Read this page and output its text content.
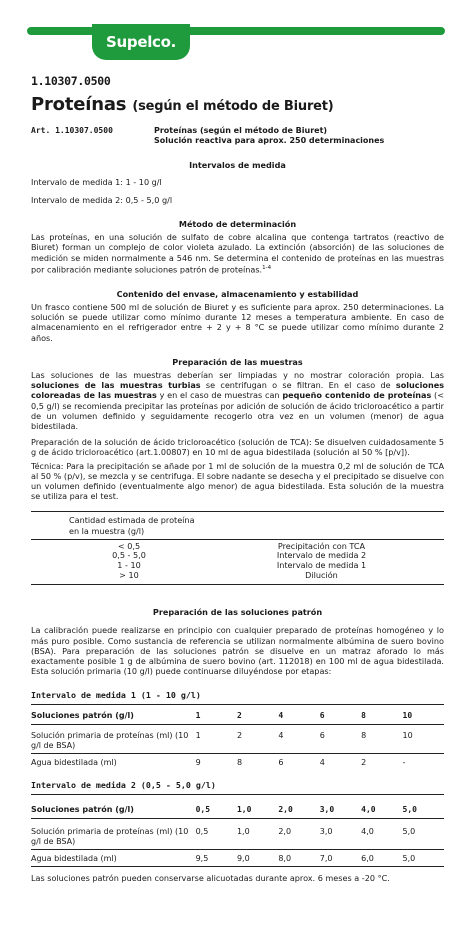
Supelco.
1.10307.0500
Proteínas (según el método de Biuret)
Art. 1.10307.0500	Proteínas (según el método de Biuret)
Solución reactiva para aprox. 250 determinaciones
Intervalos de medida
Intervalo de medida 1: 1 - 10 g/l
Intervalo de medida 2: 0,5 - 5,0 g/l
Método de determinación

Las proteínas, en una solución de sulfato de cobre alcalina que contenga tartratos (reactivo de Biuret) forman un complejo de color violeta azulado. La extinción (absorción) de las soluciones de medición se miden normalmente a 546 nm. Se determina el contenido de proteínas en las muestras por calibración mediante soluciones patrón de proteínas.$^{1-4}$

Contenido del envase, almacenamiento y estabilidad

Un frasco contiene 500 ml de solución de Biuret y es suficiente para aprox. 250 determinaciones. La solución se puede utilizar como mínimo durante 12 meses a temperatura ambiente. En caso de almacenamiento en el refrigerador entre + 2 y + 8 °C se puede utilizar como mínimo durante 2 años.

Preparación de las muestras

Las soluciones de las muestras deberían ser limpiadas y no mostrar coloración propia. Las soluciones de las muestras turbias se centrifugan o se filtran. En el caso de soluciones coloreadas de las muestras y en el caso de muestras can pequeño contenido de proteínas (< 0,5 g/l) se recomienda precipitar las proteínas por adición de solución de ácido tricloroacético a partir de un volumen definido y seguidamente recogerlo otra vez en un volumen (menor) de agua bidestilada.

Preparación de la solución de ácido tricloroacético (solución de TCA): Se disuelven cuidadosamente 5 g de ácido tricloroacético (art.1.00807) en 10 ml de agua bidestilada (solución al 50 % [p/v]).

Técnica: Para la precipitación se añade por 1 ml de solución de la muestra 0,2 ml de solución de TCA al 50 % (p/v), se mezcla y se centrifuga. El sobre nadante se desecha y el precipitado se disuelve con un volumen definido (eventualmente algo menor) de agua bidestilada. Esta solución de la muestra se utiliza para el test.

Cantidad estimada de proteína en la muestra (g/l)
< 0,5	Precipitación con TCA
0,5 - 5,0	Intervalo de medida 2
1 - 10	Intervalo de medida 1
> 10	Dilución
Preparación de las soluciones patrón

La calibración puede realizarse en principio con cualquier preparado de proteínas homogéneo y lo más puro posible. Como sustancia de referencia se utilizan normalmente albúmina de suero bovino (BSA). Para preparación de las soluciones patrón se disuelve en un matraz aforado lo más exactamente posible 1 g de albúmina de suero bovino (art. 112018) en 100 ml de agua bidestilada. Esta solución primaria (10 g/l) puede continuarse diluyéndose por etapas:

Intervalo de medida 1 (1 - 10 g/l)
Soluciones patrón (g/l)	1	2	4	6	8	10
Solución primaria de proteínas (ml) (10 g/l de BSA)	1	2	4	6	8	10
Agua bidestilada (ml)	9	8	6	4	2	-
Intervalo de medida 2 (0,5 - 5,0 g/l)
Soluciones patrón (g/l)	0,5	1,0	2,0	3,0	4,0	5,0
Solución primaria de proteínas (ml) (10 g/l de BSA)	0,5	1,0	2,0	3,0	4,0	5,0
Agua bidestilada (ml)	9,5	9,0	8,0	7,0	6,0	5,0

Las soluciones patrón pueden conservarse alicuotadas durante aprox. 6 meses a -20 °C.
